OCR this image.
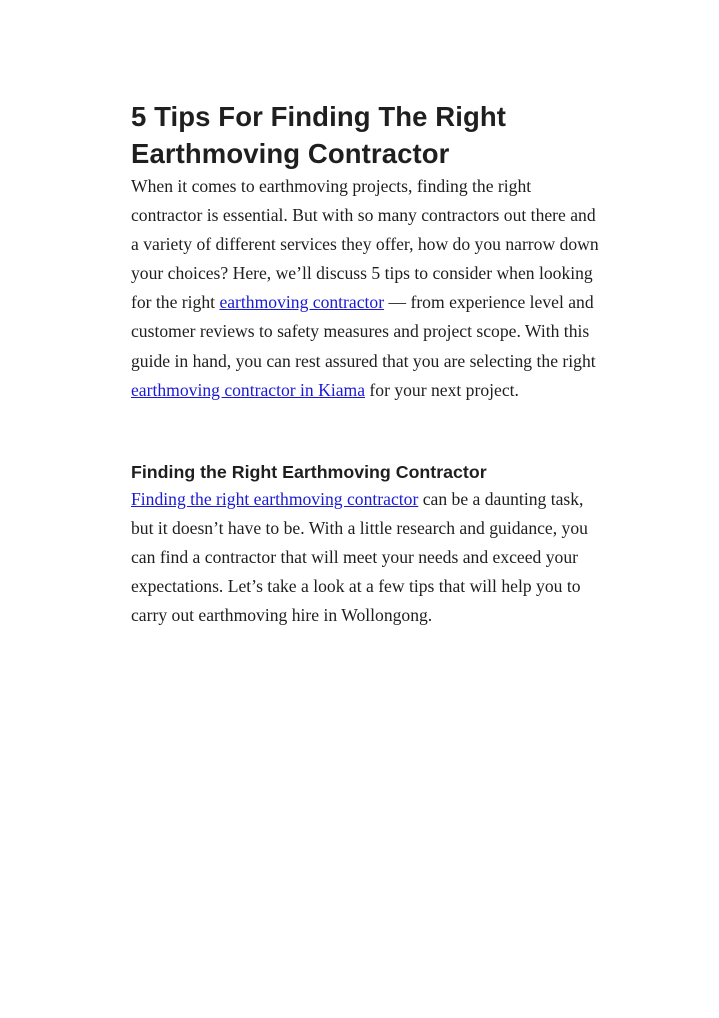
5 Tips For Finding The Right
Earthmoving Contractor

When it comes to earthmoving projects, finding the right contractor is essential. But with so many contractors out there and a variety of different services they offer, how do you narrow down your choices? Here, we’ll discuss 5 tips to consider when looking for the right earthmoving contractor — from experience level and customer reviews to safety measures and project scope. With this guide in hand, you can rest assured that you are selecting the right earthmoving contractor in Kiama for your next project.

Finding the Right Earthmoving Contractor

Finding the right earthmoving contractor can be a daunting task, but it doesn’t have to be. With a little research and guidance, you can find a contractor that will meet your needs and exceed your expectations. Let’s take a look at a few tips that will help you to carry out earthmoving hire in Wollongong.
